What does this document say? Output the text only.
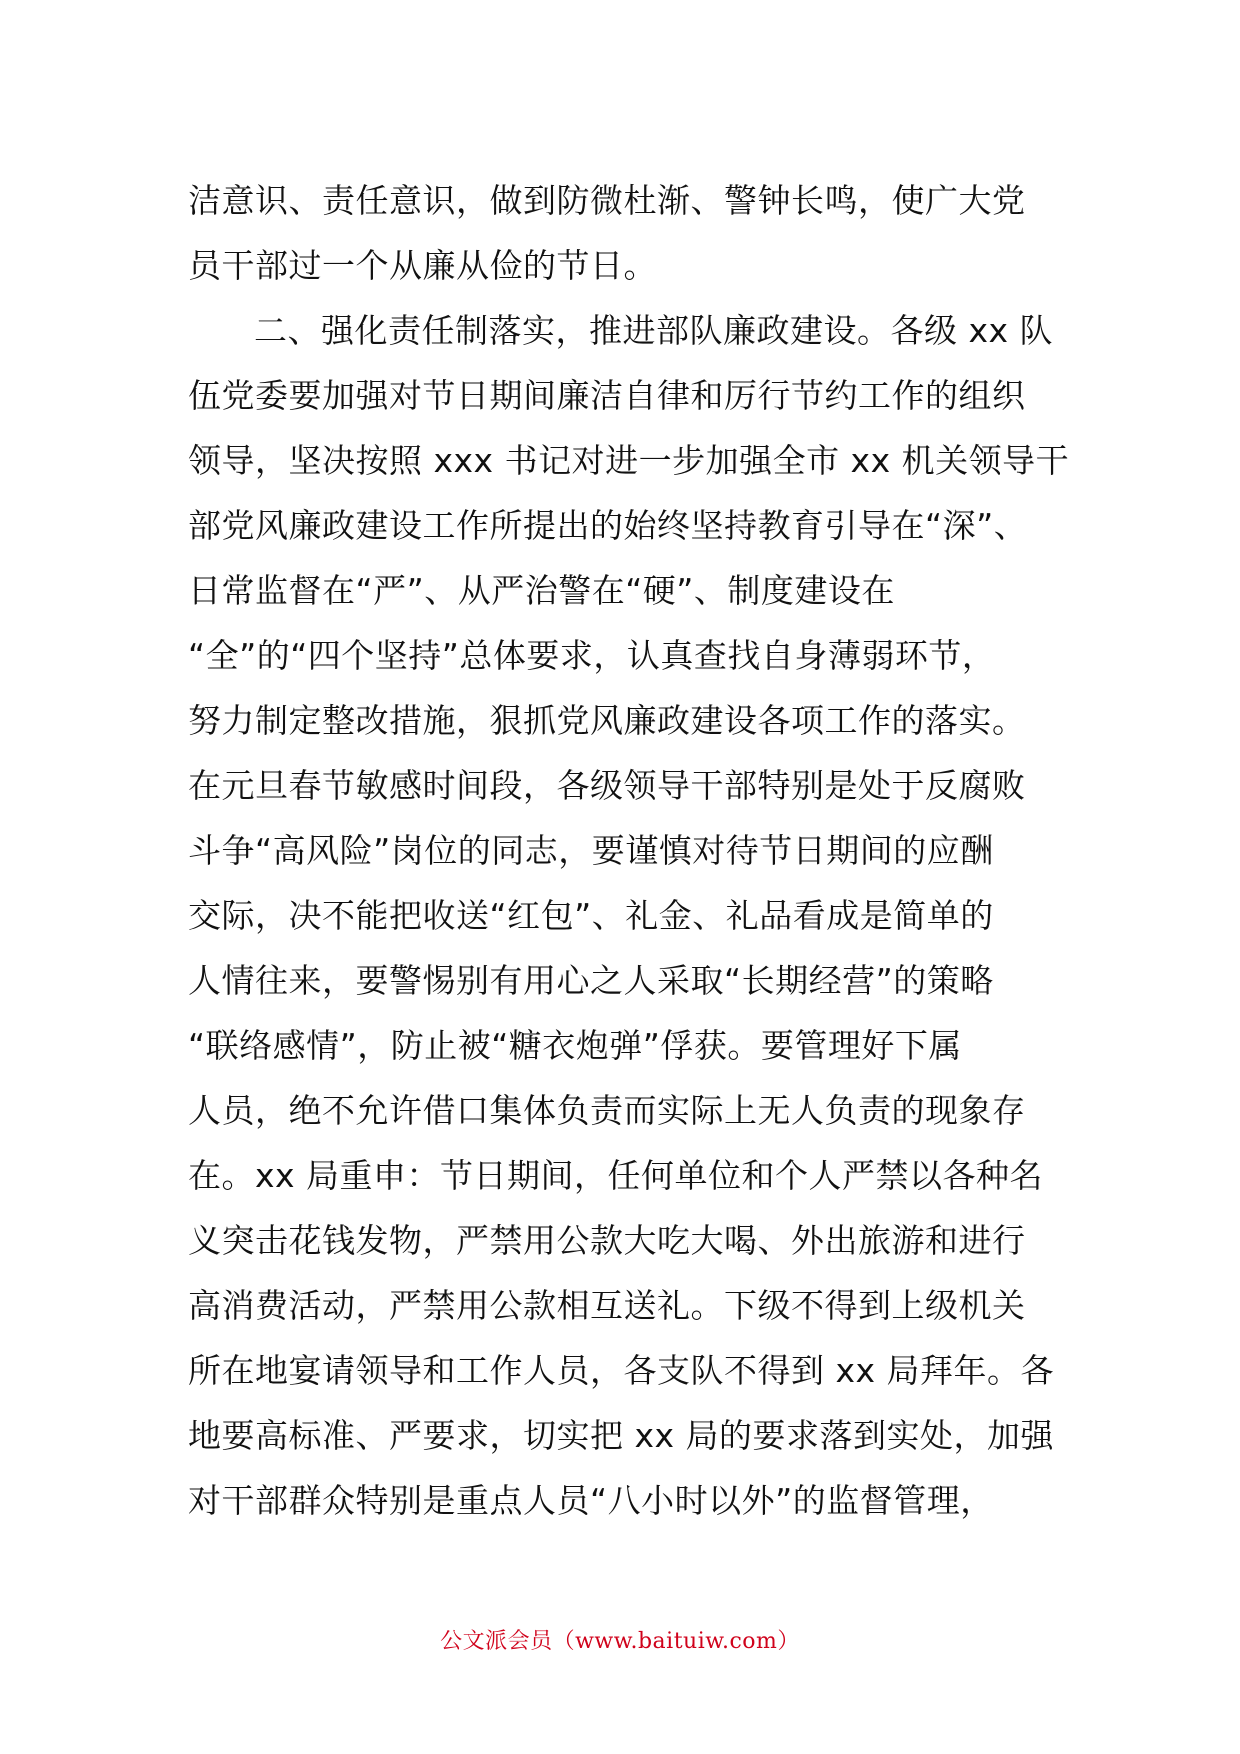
洁意识、责任意识，做到防微杜渐、警钟长鸣，使广大党
员干部过一个从廉从俭的节日。
二、强化责任制落实，推进部队廉政建设。各级 xx 队
伍党委要加强对节日期间廉洁自律和厉行节约工作的组织
领导，坚决按照 xxx 书记对进一步加强全市 xx 机关领导干
部党风廉政建设工作所提出的始终坚持教育引导在“深”、
日常监督在“严”、从严治警在“硬”、制度建设在
“全”的“四个坚持”总体要求，认真查找自身薄弱环节，
努力制定整改措施，狠抓党风廉政建设各项工作的落实。
在元旦春节敏感时间段，各级领导干部特别是处于反腐败
斗争“高风险”岗位的同志，要谨慎对待节日期间的应酬
交际，决不能把收送“红包”、礼金、礼品看成是简单的
人情往来，要警惕别有用心之人采取“长期经营”的策略
“联络感情”，防止被“糖衣炮弹”俘获。要管理好下属
人员，绝不允许借口集体负责而实际上无人负责的现象存
在。xx 局重申：节日期间，任何单位和个人严禁以各种名
义突击花钱发物，严禁用公款大吃大喝、外出旅游和进行
高消费活动，严禁用公款相互送礼。下级不得到上级机关
所在地宴请领导和工作人员，各支队不得到 xx 局拜年。各
地要高标准、严要求，切实把 xx 局的要求落到实处，加强
对干部群众特别是重点人员“八小时以外”的监督管理，
公文派会员（www.baituiw.com）
